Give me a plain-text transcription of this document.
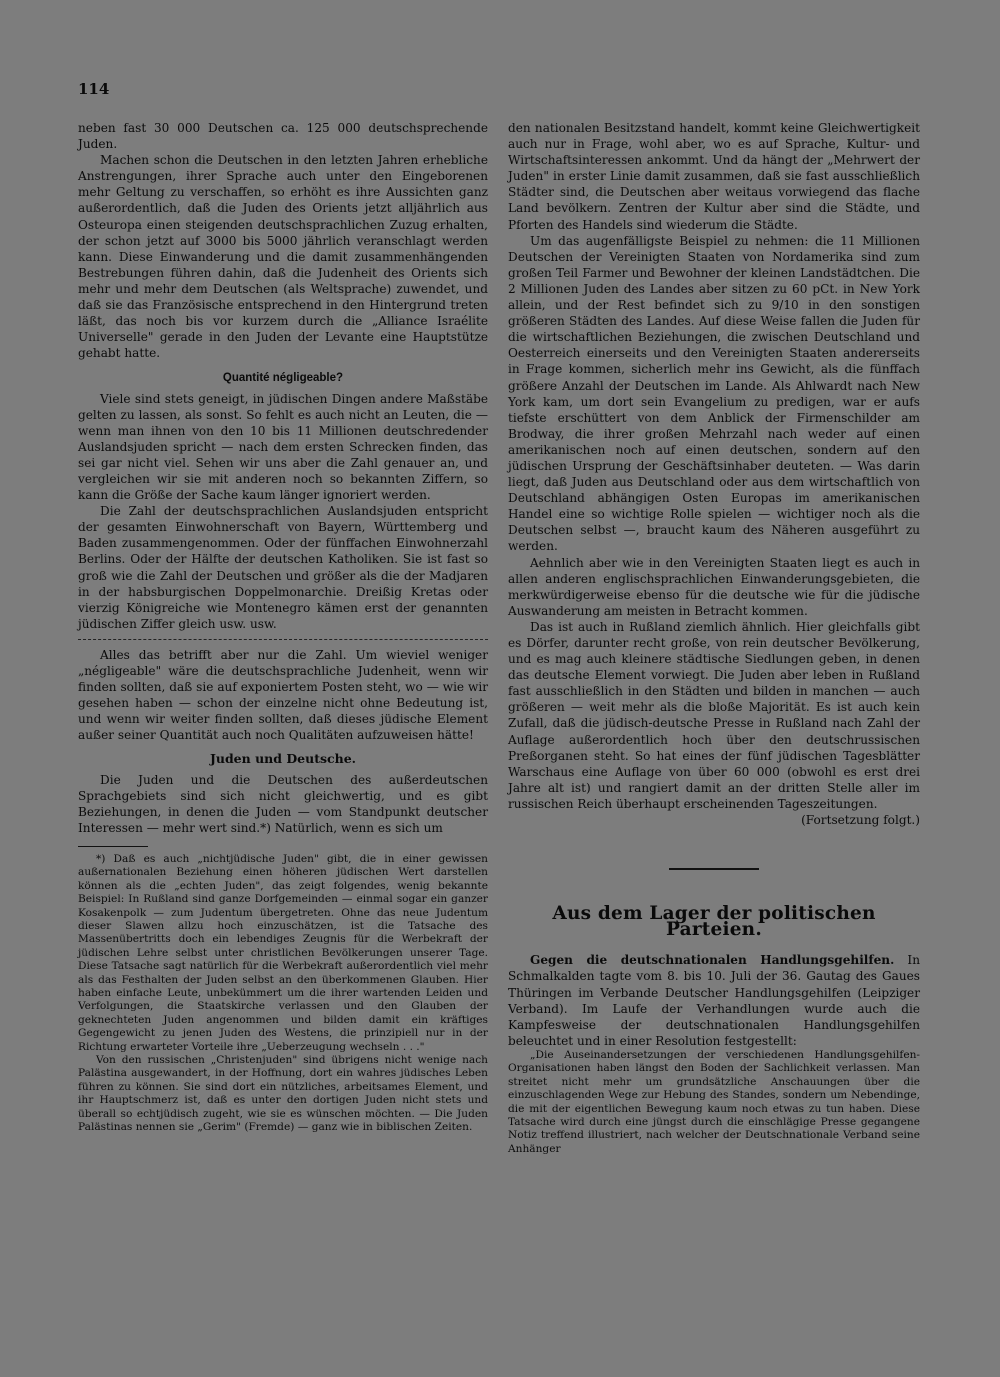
114

neben fast 30 000 Deutschen ca. 125 000 deutschsprechende Juden.

Machen schon die Deutschen in den letzten Jahren erhebliche Anstrengungen, ihrer Sprache auch unter den Eingeborenen mehr Geltung zu verschaffen, so erhöht es ihre Aussichten ganz außerordentlich, daß die Juden des Orients jetzt alljährlich aus Osteuropa einen steigenden deutschsprachlichen Zuzug erhalten, der schon jetzt auf 3000 bis 5000 jährlich veranschlagt werden kann. Diese Einwanderung und die damit zusammenhängenden Bestrebungen führen dahin, daß die Judenheit des Orients sich mehr und mehr dem Deutschen (als Weltsprache) zuwendet, und daß sie das Französische entsprechend in den Hintergrund treten läßt, das noch bis vor kurzem durch die „Alliance Israélite Universelle" gerade in den Juden der Levante eine Hauptstütze gehabt hatte.

Quantité négligeable?

Viele sind stets geneigt, in jüdischen Dingen andere Maßstäbe gelten zu lassen, als sonst. So fehlt es auch nicht an Leuten, die — wenn man ihnen von den 10 bis 11 Millionen deutschredender Auslandsjuden spricht — nach dem ersten Schrecken finden, das sei gar nicht viel. Sehen wir uns aber die Zahl genauer an, und vergleichen wir sie mit anderen noch so bekannten Ziffern, so kann die Größe der Sache kaum länger ignoriert werden.

Die Zahl der deutschsprachlichen Auslandsjuden entspricht der gesamten Einwohnerschaft von Bayern, Württemberg und Baden zusammengenommen. Oder der fünffachen Einwohnerzahl Berlins. Oder der Hälfte der deutschen Katholiken. Sie ist fast so groß wie die Zahl der Deutschen und größer als die der Madjaren in der habsburgischen Doppelmonarchie. Dreißig Kretas oder vierzig Königreiche wie Montenegro kämen erst der genannten jüdischen Ziffer gleich usw. usw.

Alles das betrifft aber nur die Zahl. Um wieviel weniger „négligeable" wäre die deutschsprachliche Judenheit, wenn wir finden sollten, daß sie auf exponiertem Posten steht, wo — wie wir gesehen haben — schon der einzelne nicht ohne Bedeutung ist, und wenn wir weiter finden sollten, daß dieses jüdische Element außer seiner Quantität auch noch Qualitäten aufzuweisen hätte!

Juden und Deutsche.

Die Juden und die Deutschen des außerdeutschen Sprachgebiets sind sich nicht gleichwertig, und es gibt Beziehungen, in denen die Juden — vom Standpunkt deutscher Interessen — mehr wert sind.*) Natürlich, wenn es sich um

*) Daß es auch „nichtjüdische Juden" gibt, die in einer gewissen außernationalen Beziehung einen höheren jüdischen Wert darstellen können als die „echten Juden", das zeigt folgendes, wenig bekannte Beispiel: In Rußland sind ganze Dorfgemeinden — einmal sogar ein ganzer Kosakenpolk — zum Judentum übergetreten. Ohne das neue Judentum dieser Slawen allzu hoch einzuschätzen, ist die Tatsache des Massenübertritts doch ein lebendiges Zeugnis für die Werbekraft der jüdischen Lehre selbst unter christlichen Bevölkerungen unserer Tage. Diese Tatsache sagt natürlich für die Werbekraft außerordentlich viel mehr als das Festhalten der Juden selbst an den überkommenen Glauben. Hier haben einfache Leute, unbekümmert um die ihrer wartenden Leiden und Verfolgungen, die Staatskirche verlassen und den Glauben der geknechteten Juden angenommen und bilden damit ein kräftiges Gegengewicht zu jenen Juden des Westens, die prinzipiell nur in der Richtung erwarteter Vorteile ihre „Ueberzeugung wechseln . . ."

Von den russischen „Christenjuden" sind übrigens nicht wenige nach Palästina ausgewandert, in der Hoffnung, dort ein wahres jüdisches Leben führen zu können. Sie sind dort ein nützliches, arbeitsames Element, und ihr Hauptschmerz ist, daß es unter den dortigen Juden nicht stets und überall so echtjüdisch zugeht, wie sie es wünschen möchten. — Die Juden Palästinas nennen sie „Gerim" (Fremde) — ganz wie in biblischen Zeiten.

den nationalen Besitzstand handelt, kommt keine Gleichwertigkeit auch nur in Frage, wohl aber, wo es auf Sprache, Kultur- und Wirtschaftsinteressen ankommt. Und da hängt der „Mehrwert der Juden" in erster Linie damit zusammen, daß sie fast ausschließlich Städter sind, die Deutschen aber weitaus vorwiegend das flache Land bevölkern. Zentren der Kultur aber sind die Städte, und Pforten des Handels sind wiederum die Städte.

Um das augenfälligste Beispiel zu nehmen: die 11 Millionen Deutschen der Vereinigten Staaten von Nordamerika sind zum großen Teil Farmer und Bewohner der kleinen Landstädtchen. Die 2 Millionen Juden des Landes aber sitzen zu 60 pCt. in New York allein, und der Rest befindet sich zu 9/10 in den sonstigen größeren Städten des Landes. Auf diese Weise fallen die Juden für die wirtschaftlichen Beziehungen, die zwischen Deutschland und Oesterreich einerseits und den Vereinigten Staaten andererseits in Frage kommen, sicherlich mehr ins Gewicht, als die fünffach größere Anzahl der Deutschen im Lande. Als Ahlwardt nach New York kam, um dort sein Evangelium zu predigen, war er aufs tiefste erschüttert von dem Anblick der Firmenschilder am Brodway, die ihrer großen Mehrzahl nach weder auf einen amerikanischen noch auf einen deutschen, sondern auf den jüdischen Ursprung der Geschäftsinhaber deuteten. — Was darin liegt, daß Juden aus Deutschland oder aus dem wirtschaftlich von Deutschland abhängigen Osten Europas im amerikanischen Handel eine so wichtige Rolle spielen — wichtiger noch als die Deutschen selbst —, braucht kaum des Näheren ausgeführt zu werden.

Aehnlich aber wie in den Vereinigten Staaten liegt es auch in allen anderen englischsprachlichen Einwanderungsgebieten, die merkwürdigerweise ebenso für die deutsche wie für die jüdische Auswanderung am meisten in Betracht kommen.

Das ist auch in Rußland ziemlich ähnlich. Hier gleichfalls gibt es Dörfer, darunter recht große, von rein deutscher Bevölkerung, und es mag auch kleinere städtische Siedlungen geben, in denen das deutsche Element vorwiegt. Die Juden aber leben in Rußland fast ausschließlich in den Städten und bilden in manchen — auch größeren — weit mehr als die bloße Majorität. Es ist auch kein Zufall, daß die jüdisch-deutsche Presse in Rußland nach Zahl der Auflage außerordentlich hoch über den deutschrussischen Preßorganen steht. So hat eines der fünf jüdischen Tagesblätter Warschaus eine Auflage von über 60 000 (obwohl es erst drei Jahre alt ist) und rangiert damit an der dritten Stelle aller im russischen Reich überhaupt erscheinenden Tageszeitungen.

(Fortsetzung folgt.)
Aus dem Lager der politischen Parteien.

Gegen die deutschnationalen Handlungsgehilfen. In Schmalkalden tagte vom 8. bis 10. Juli der 36. Gautag des Gaues Thüringen im Verbande Deutscher Handlungsgehilfen (Leipziger Verband). Im Laufe der Verhandlungen wurde auch die Kampfesweise der deutschnationalen Handlungsgehilfen beleuchtet und in einer Resolution festgestellt:

„Die Auseinandersetzungen der verschiedenen Handlungsgehilfen-Organisationen haben längst den Boden der Sachlichkeit verlassen. Man streitet nicht mehr um grundsätzliche Anschauungen über die einzuschlagenden Wege zur Hebung des Standes, sondern um Nebendinge, die mit der eigentlichen Bewegung kaum noch etwas zu tun haben. Diese Tatsache wird durch eine jüngst durch die einschlägige Presse gegangene Notiz treffend illustriert, nach welcher der Deutschnationale Verband seine Anhänger
